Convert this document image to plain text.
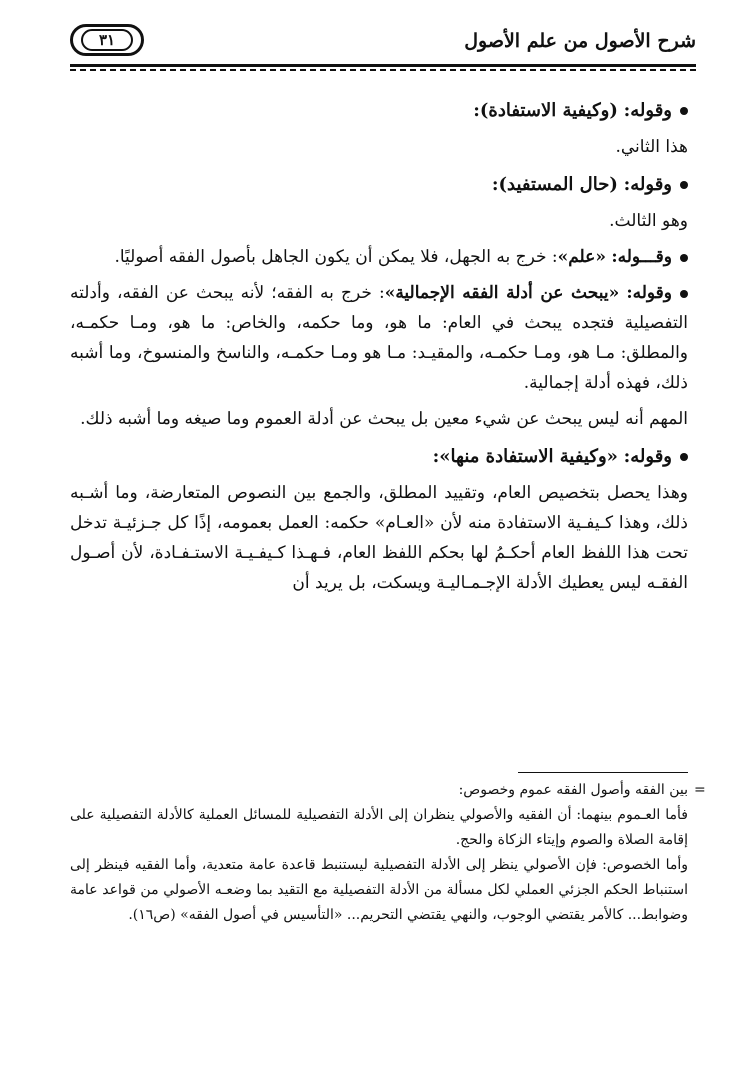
شرح الأصول من علم الأصول
٣١
وقوله: (وكيفية الاستفادة):

هذا الثاني.

وقوله: (حال المستفيد):

وهو الثالث.

وقـــوله: «علم»: خرج به الجهل، فلا يمكن أن يكون الجاهل بأصول الفقه أصوليًا.

وقوله: «يبحث عن أدلة الفقه الإجمالية»: خرج به الفقه؛ لأنه يبحث عن الفقه، وأدلته التفصيلية فتجده يبحث في العام: ما هو، وما حكمه، والخاص: ما هو، ومـا حكمـه، والمطلق: مـا هو، ومـا حكمـه، والمقيـد: مـا هو ومـا حكمـه، والناسخ والمنسوخ، وما أشبه ذلك، فهذه أدلة إجمالية.

المهم أنه ليس يبحث عن شيء معين بل يبحث عن أدلة العموم وما صيغه وما أشبه ذلك.

وقوله: «وكيفية الاستفادة منها»:

وهذا يحصل بتخصيص العام، وتقييد المطلق، والجمع بين النصوص المتعارضة، وما أشـبه ذلك، وهذا كـيفـية الاستفادة منه لأن «العـام» حكمه: العمل بعمومه، إذًا كل جـزئيـة تدخل تحت هذا اللفظ العام أحكـمُ لها بحكم اللفظ العام، فـهـذا كـيفـيـة الاستـفـادة، لأن أصـول الفقـه ليس يعطيك الأدلة الإجـمـاليـة ويسكت، بل يريد أن

=

بين الفقه وأصول الفقه عموم وخصوص:

فأما العـموم بينهما: أن الفقيه والأصولي ينظران إلى الأدلة التفصيلية للمسائل العملية كالأدلة التفصيلية على إقامة الصلاة والصوم وإيتاء الزكاة والحج.

وأما الخصوص: فإن الأصولي ينظر إلى الأدلة التفصيلية ليستنبط قاعدة عامة متعدية، وأما الفقيه فينظر إلى استنباط الحكم الجزئي العملي لكل مسألة من الأدلة التفصيلية مع التقيد بما وضعـه الأصولي من قواعد عامة وضوابط... كالأمر يقتضي الوجوب، والنهي يقتضي التحريم... «التأسيس في أصول الفقه» (ص١٦).
